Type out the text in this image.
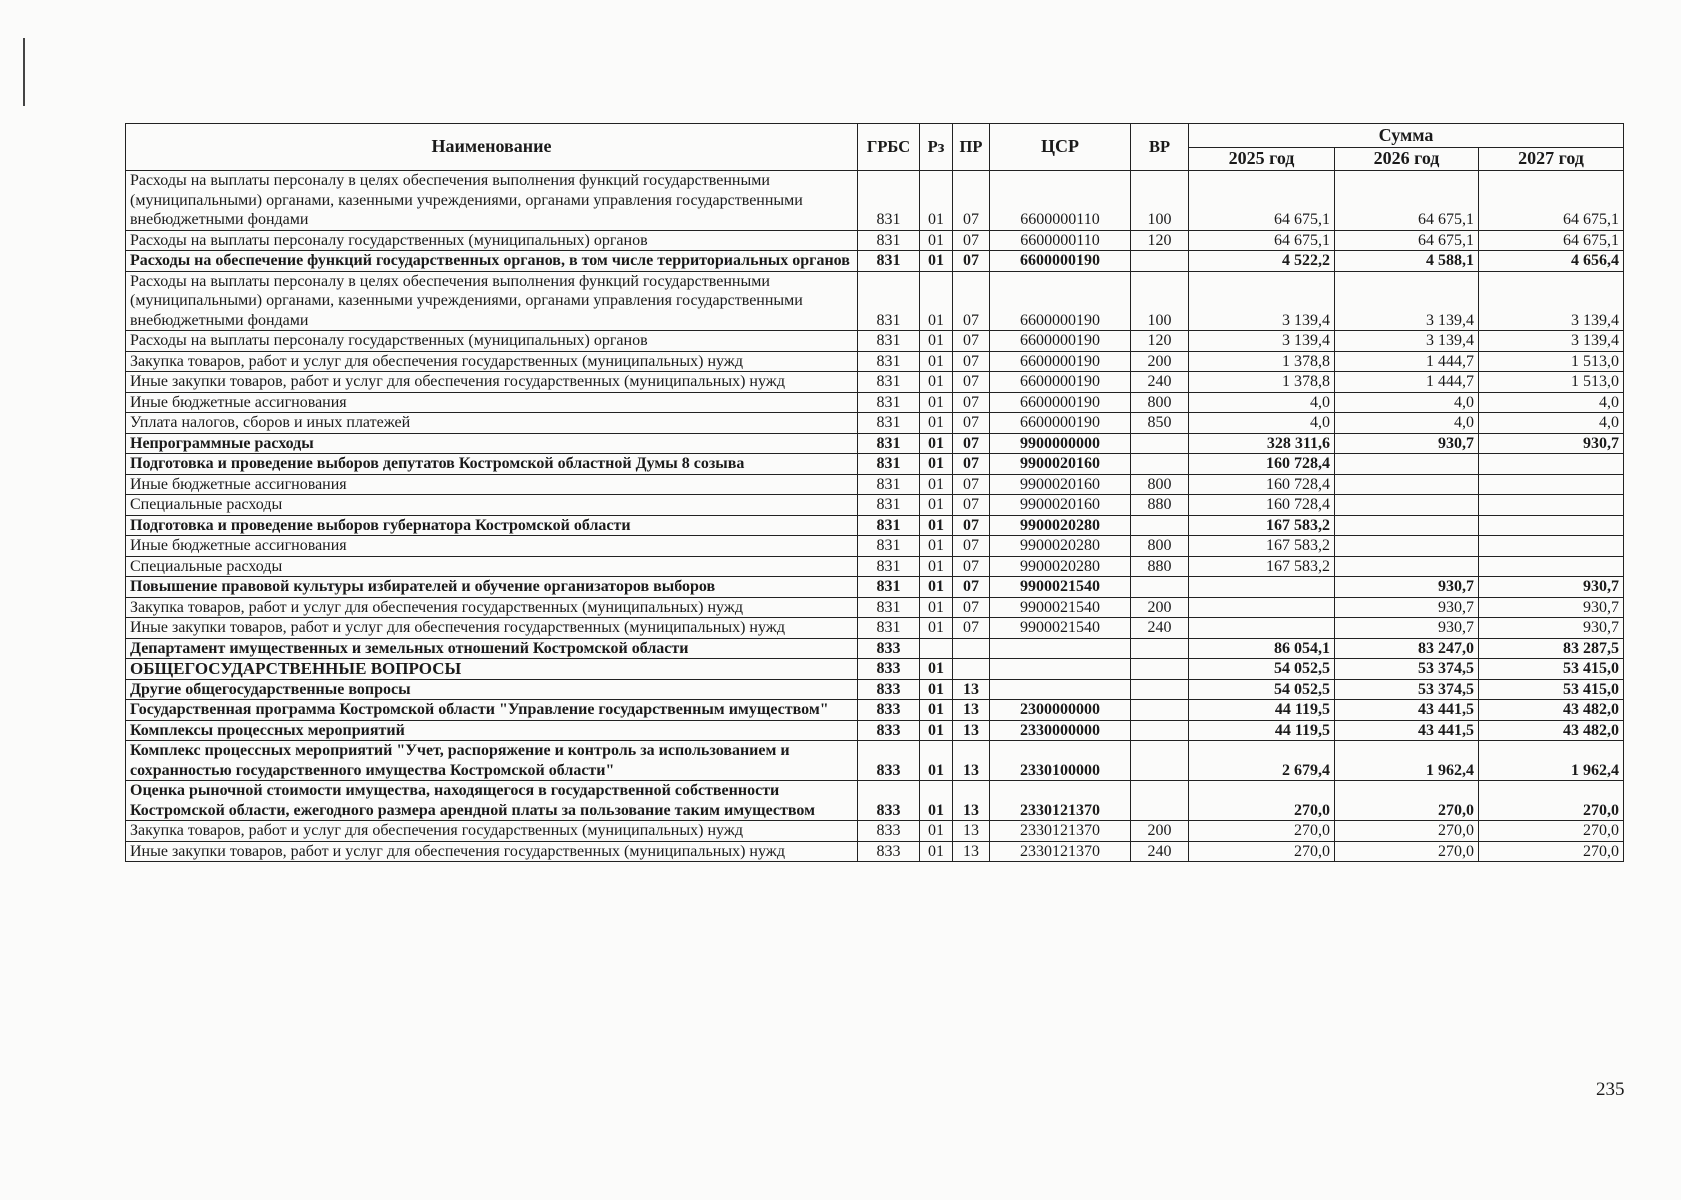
Наименование	ГРБС	Рз	ПР	ЦСР	ВР	Сумма		
						2025 год	2026 год	2027 год
Расходы на выплаты персоналу в целях обеспечения выполнения функций государственными (муниципальными) органами, казенными учреждениями, органами управления государственными внебюджетными фондами	831	01	07	6600000110	100	64 675,1	64 675,1	64 675,1
Расходы на выплаты персоналу государственных (муниципальных) органов	831	01	07	6600000110	120	64 675,1	64 675,1	64 675,1
Расходы на обеспечение функций государственных органов, в том числе территориальных органов	831	01	07	6600000190		4 522,2	4 588,1	4 656,4
Расходы на выплаты персоналу в целях обеспечения выполнения функций государственными (муниципальными) органами, казенными учреждениями, органами управления государственными внебюджетными фондами	831	01	07	6600000190	100	3 139,4	3 139,4	3 139,4
Расходы на выплаты персоналу государственных (муниципальных) органов	831	01	07	6600000190	120	3 139,4	3 139,4	3 139,4
Закупка товаров, работ и услуг для обеспечения государственных (муниципальных) нужд	831	01	07	6600000190	200	1 378,8	1 444,7	1 513,0
Иные закупки товаров, работ и услуг для обеспечения государственных (муниципальных) нужд	831	01	07	6600000190	240	1 378,8	1 444,7	1 513,0
Иные бюджетные ассигнования	831	01	07	6600000190	800	4,0	4,0	4,0
Уплата налогов, сборов и иных платежей	831	01	07	6600000190	850	4,0	4,0	4,0
Непрограммные расходы	831	01	07	9900000000		328 311,6	930,7	930,7
Подготовка и проведение выборов депутатов Костромской областной Думы 8 созыва	831	01	07	9900020160		160 728,4		
Иные бюджетные ассигнования	831	01	07	9900020160	800	160 728,4		
Специальные расходы	831	01	07	9900020160	880	160 728,4		
Подготовка и проведение выборов губернатора Костромской области	831	01	07	9900020280		167 583,2		
Иные бюджетные ассигнования	831	01	07	9900020280	800	167 583,2		
Специальные расходы	831	01	07	9900020280	880	167 583,2		
Повышение правовой культуры избирателей и обучение организаторов выборов	831	01	07	9900021540			930,7	930,7
Закупка товаров, работ и услуг для обеспечения государственных (муниципальных) нужд	831	01	07	9900021540	200		930,7	930,7
Иные закупки товаров, работ и услуг для обеспечения государственных (муниципальных) нужд	831	01	07	9900021540	240		930,7	930,7
Департамент имущественных и земельных отношений Костромской области	833					86 054,1	83 247,0	83 287,5
ОБЩЕГОСУДАРСТВЕННЫЕ ВОПРОСЫ	833	01				54 052,5	53 374,5	53 415,0
Другие общегосударственные вопросы	833	01	13			54 052,5	53 374,5	53 415,0
Государственная программа Костромской области "Управление государственным имуществом"	833	01	13	2300000000		44 119,5	43 441,5	43 482,0
Комплексы процессных мероприятий	833	01	13	2330000000		44 119,5	43 441,5	43 482,0
Комплекс процессных мероприятий "Учет, распоряжение и контроль за использованием и сохранностью государственного имущества Костромской области"	833	01	13	2330100000		2 679,4	1 962,4	1 962,4
Оценка рыночной стоимости имущества, находящегося в государственной собственности Костромской области, ежегодного размера арендной платы за пользование таким имуществом	833	01	13	2330121370		270,0	270,0	270,0
Закупка товаров, работ и услуг для обеспечения государственных (муниципальных) нужд	833	01	13	2330121370	200	270,0	270,0	270,0
Иные закупки товаров, работ и услуг для обеспечения государственных (муниципальных) нужд	833	01	13	2330121370	240	270,0	270,0	270,0
235
